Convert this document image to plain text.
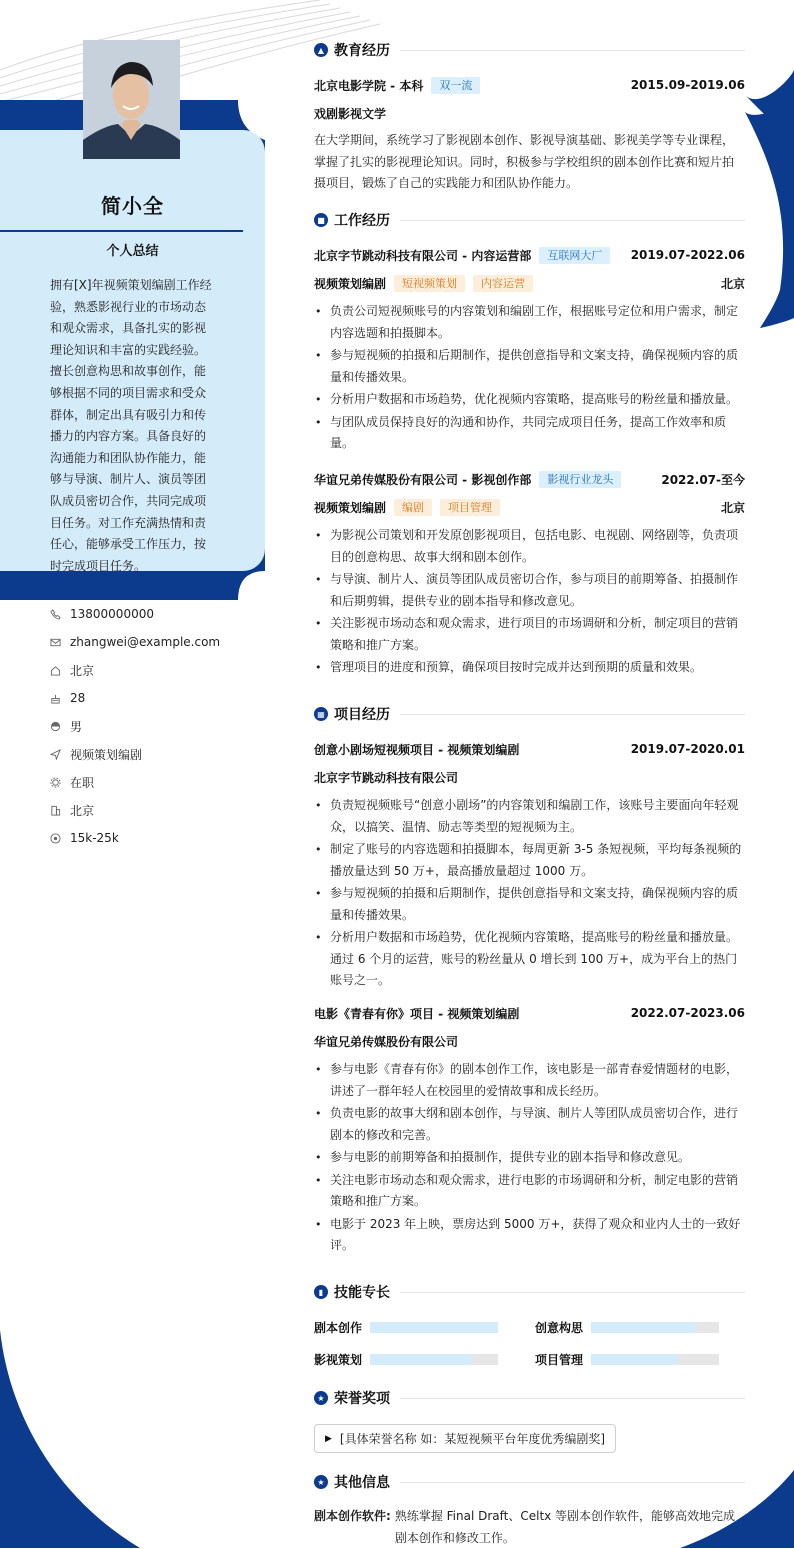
简小全
个人总结
拥有[X]年视频策划编剧工作经验，熟悉影视行业的市场动态和观众需求，具备扎实的影视理论知识和丰富的实践经验。擅长创意构思和故事创作，能够根据不同的项目需求和受众群体，制定出具有吸引力和传播力的内容方案。具备良好的沟通能力和团队协作能力，能够与导演、制片人、演员等团队成员密切合作，共同完成项目任务。对工作充满热情和责任心，能够承受工作压力，按时完成项目任务。
13800000000
zhangwei@example.com
北京
28
男
视频策划编剧
在职
北京
15k-25k
▲ 教育经历
北京电影学院 - 本科	双一流	2015.09-2019.06
戏剧影视文学
在大学期间，系统学习了影视剧本创作、影视导演基础、影视美学等专业课程，掌握了扎实的影视理论知识。同时，积极参与学校组织的剧本创作比赛和短片拍摄项目，锻炼了自己的实践能力和团队协作能力。
■ 工作经历
北京字节跳动科技有限公司 - 内容运营部	互联网大厂	2019.07-2022.06
视频策划编剧	短视频策划	内容运营	北京
• 负责公司短视频账号的内容策划和编剧工作，根据账号定位和用户需求，制定内容选题和拍摄脚本。
• 参与短视频的拍摄和后期制作，提供创意指导和文案支持，确保视频内容的质量和传播效果。
• 分析用户数据和市场趋势，优化视频内容策略，提高账号的粉丝量和播放量。
• 与团队成员保持良好的沟通和协作，共同完成项目任务，提高工作效率和质量。
华谊兄弟传媒股份有限公司 - 影视创作部	影视行业龙头	2022.07-至今
视频策划编剧	编剧	项目管理	北京
• 为影视公司策划和开发原创影视项目，包括电影、电视剧、网络剧等，负责项目的创意构思、故事大纲和剧本创作。
• 与导演、制片人、演员等团队成员密切合作，参与项目的前期筹备、拍摄制作和后期剪辑，提供专业的剧本指导和修改意见。
• 关注影视市场动态和观众需求，进行项目的市场调研和分析，制定项目的营销策略和推广方案。
• 管理项目的进度和预算，确保项目按时完成并达到预期的质量和效果。
▦ 项目经历
创意小剧场短视频项目 - 视频策划编剧	2019.07-2020.01
北京字节跳动科技有限公司
• 负责短视频账号“创意小剧场”的内容策划和编剧工作，该账号主要面向年轻观众，以搞笑、温情、励志等类型的短视频为主。
• 制定了账号的内容选题和拍摄脚本，每周更新 3-5 条短视频，平均每条视频的播放量达到 50 万+，最高播放量超过 1000 万。
• 参与短视频的拍摄和后期制作，提供创意指导和文案支持，确保视频内容的质量和传播效果。
• 分析用户数据和市场趋势，优化视频内容策略，提高账号的粉丝量和播放量。通过 6 个月的运营，账号的粉丝量从 0 增长到 100 万+，成为平台上的热门账号之一。
电影《青春有你》项目 - 视频策划编剧	2022.07-2023.06
华谊兄弟传媒股份有限公司
• 参与电影《青春有你》的剧本创作工作，该电影是一部青春爱情题材的电影，讲述了一群年轻人在校园里的爱情故事和成长经历。
• 负责电影的故事大纲和剧本创作，与导演、制片人等团队成员密切合作，进行剧本的修改和完善。
• 参与电影的前期筹备和拍摄制作，提供专业的剧本指导和修改意见。
• 关注电影市场动态和观众需求，进行电影的市场调研和分析，制定电影的营销策略和推广方案。
• 电影于 2023 年上映，票房达到 5000 万+，获得了观众和业内人士的一致好评。
▮ 技能专长
剧本创作	创意构思
影视策划	项目管理
★ 荣誉奖项
▶ [具体荣誉名称 如：某短视频平台年度优秀编剧奖]
★ 其他信息
剧本创作软件: 熟练掌握 Final Draft、Celtx 等剧本创作软件，能够高效地完成剧本创作和修改工作。
